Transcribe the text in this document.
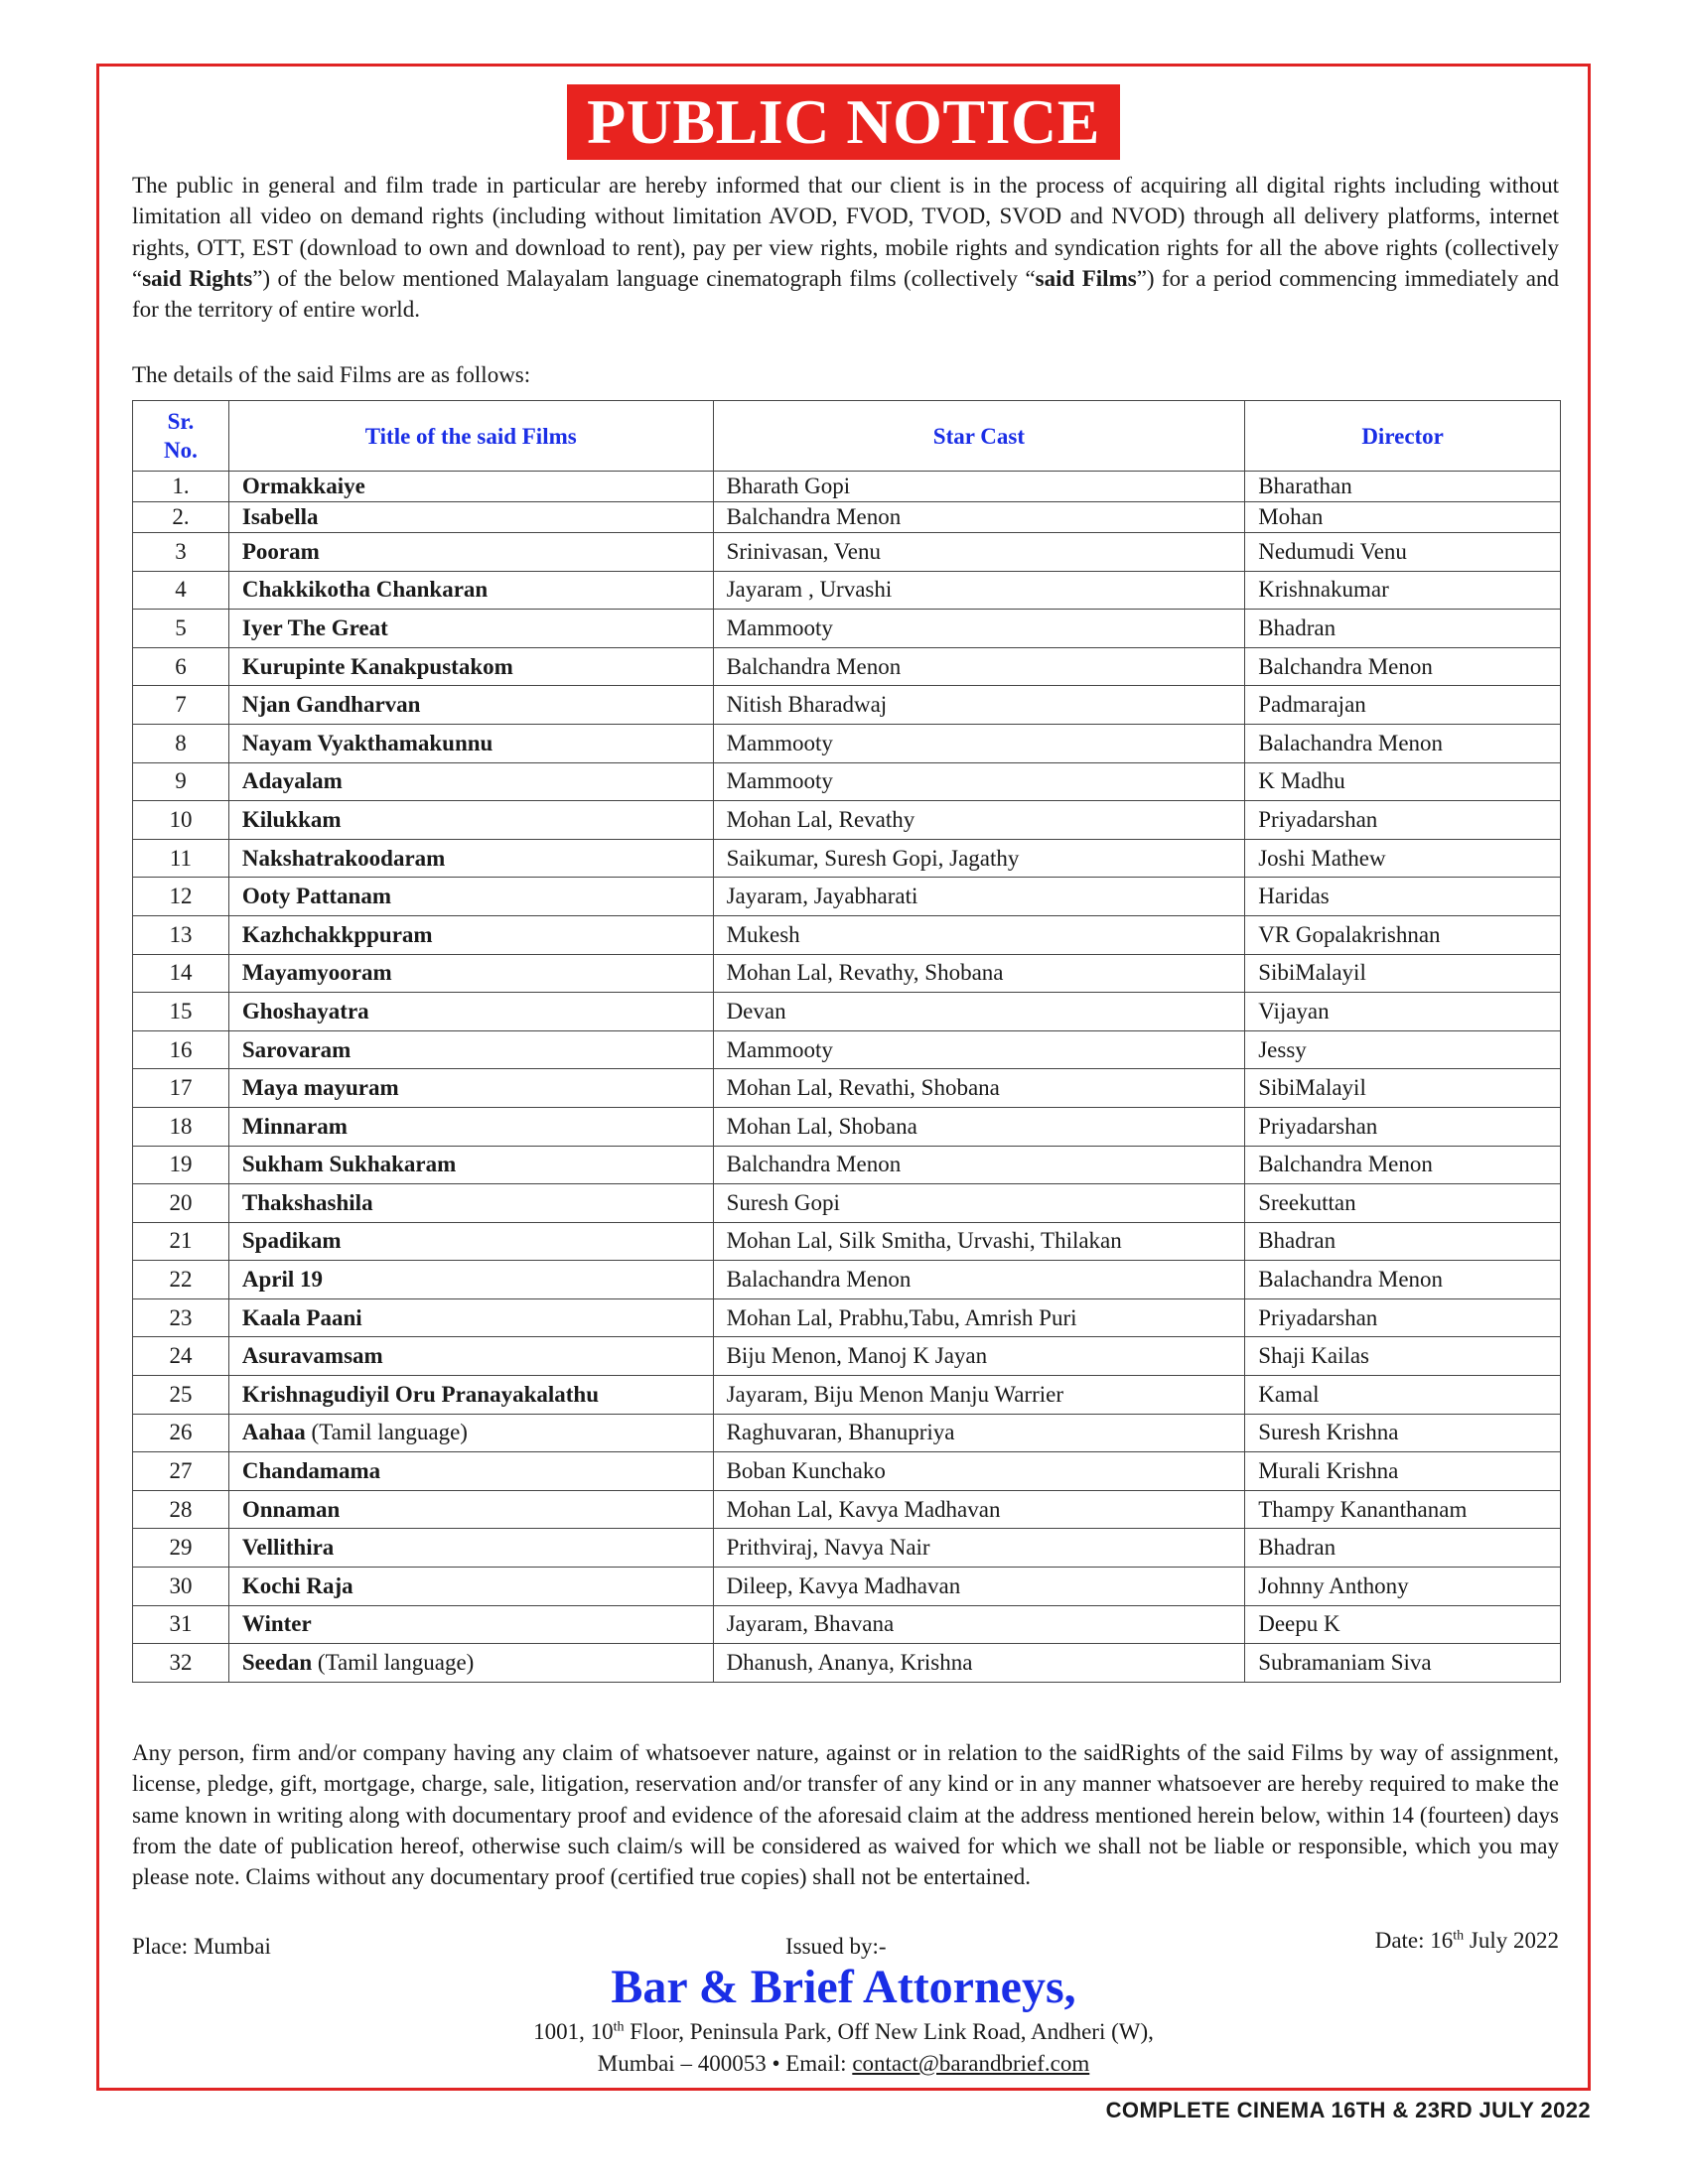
PUBLIC NOTICE

The public in general and film trade in particular are hereby informed that our client is in the process of acquiring all digital rights including without limitation all video on demand rights (including without limitation AVOD, FVOD, TVOD, SVOD and NVOD) through all delivery platforms, internet rights, OTT, EST (download to own and download to rent), pay per view rights, mobile rights and syndication rights for all the above rights (collectively “said Rights”) of the below mentioned Malayalam language cinematograph films (collectively “said Films”) for a period commencing immediately and for the territory of entire world.

The details of the said Films are as follows:

Sr.
No.	Title of the said Films	Star Cast	Director
1.	Ormakkaiye	Bharath Gopi	Bharathan
2.	Isabella	Balchandra Menon	Mohan
3	Pooram	Srinivasan, Venu	Nedumudi Venu
4	Chakkikotha Chankaran	Jayaram , Urvashi	Krishnakumar
5	Iyer The Great	Mammooty	Bhadran
6	Kurupinte Kanakpustakom	Balchandra Menon	Balchandra Menon
7	Njan Gandharvan	Nitish Bharadwaj	Padmarajan
8	Nayam Vyakthamakunnu	Mammooty	Balachandra Menon
9	Adayalam	Mammooty	K Madhu
10	Kilukkam	Mohan Lal, Revathy	Priyadarshan
11	Nakshatrakoodaram	Saikumar, Suresh Gopi, Jagathy	Joshi Mathew
12	Ooty Pattanam	Jayaram, Jayabharati	Haridas
13	Kazhchakkppuram	Mukesh	VR Gopalakrishnan
14	Mayamyooram	Mohan Lal, Revathy, Shobana	SibiMalayil
15	Ghoshayatra	Devan	Vijayan
16	Sarovaram	Mammooty	Jessy
17	Maya mayuram	Mohan Lal, Revathi, Shobana	SibiMalayil
18	Minnaram	Mohan Lal, Shobana	Priyadarshan
19	Sukham Sukhakaram	Balchandra Menon	Balchandra Menon
20	Thakshashila	Suresh Gopi	Sreekuttan
21	Spadikam	Mohan Lal, Silk Smitha, Urvashi, Thilakan	Bhadran
22	April 19	Balachandra Menon	Balachandra Menon
23	Kaala Paani	Mohan Lal, Prabhu,Tabu, Amrish Puri	Priyadarshan
24	Asuravamsam	Biju Menon, Manoj K Jayan	Shaji Kailas
25	Krishnagudiyil Oru Pranayakalathu	Jayaram, Biju Menon Manju Warrier	Kamal
26	Aahaa (Tamil language)	Raghuvaran, Bhanupriya	Suresh Krishna
27	Chandamama	Boban Kunchako	Murali Krishna
28	Onnaman	Mohan Lal, Kavya Madhavan	Thampy Kananthanam
29	Vellithira	Prithviraj, Navya Nair	Bhadran
30	Kochi Raja	Dileep, Kavya Madhavan	Johnny Anthony
31	Winter	Jayaram, Bhavana	Deepu K
32	Seedan (Tamil language)	Dhanush, Ananya, Krishna	Subramaniam Siva

Any person, firm and/or company having any claim of whatsoever nature, against or in relation to the saidRights of the said Films by way of assignment, license, pledge, gift, mortgage, charge, sale, litigation, reservation and/or transfer of any kind or in any manner whatsoever are hereby required to make the same known in writing along with documentary proof and evidence of the aforesaid claim at the address mentioned herein below, within 14 (fourteen) days from the date of publication hereof, otherwise such claim/s will be considered as waived for which we shall not be liable or responsible, which you may please note. Claims without any documentary proof (certified true copies) shall not be entertained.

Place: Mumbai	Issued by:-	Date: 16th July 2022
Bar & Brief Attorneys,
1001, 10th Floor, Peninsula Park, Off New Link Road, Andheri (W),
Mumbai – 400053 • Email: contact@barandbrief.com
COMPLETE CINEMA 16TH & 23RD JULY 2022
